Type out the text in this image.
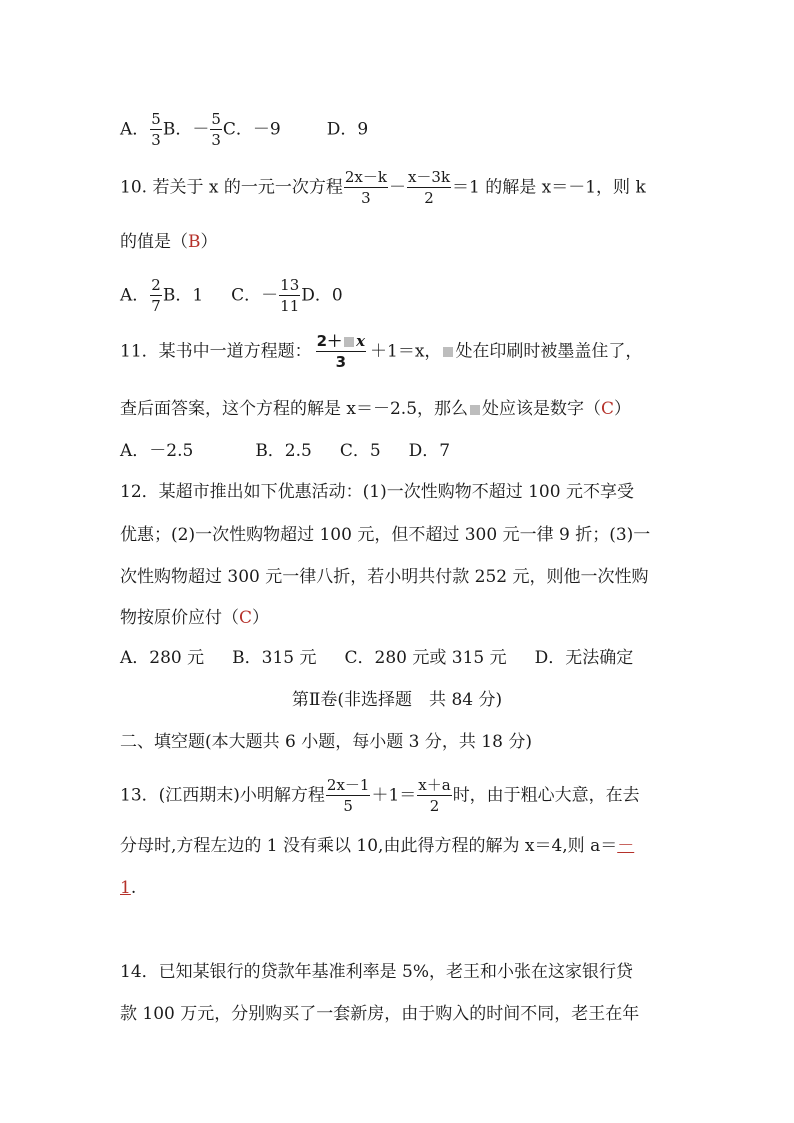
A． $\frac{5}{3}$ B．－ $\frac{5}{3}$ C．－9	D．9
10. 若关于 x 的一元一次方程 $\frac{2x-k}{3} - \frac{x-3k}{2} =1$ 的解是 x＝－1，则 k
的值是（B）
A． $\frac{2}{7}$ B．1 C．－ $\frac{13}{11}$ D．0
11．某书中一道方程题： $\frac{2+ x}{3} +1=x$， 处在印刷时被墨盖住了，
查后面答案，这个方程的解是 x＝－2.5，那么 处应该是数字（C）
A．－2.5	B．2.5 C．5 D．7
12．某超市推出如下优惠活动：(1)一次性购物不超过 100 元不享受
优惠；(2)一次性购物超过 100 元，但不超过 300 元一律 9 折；(3)一
次性购物超过 300 元一律八折，若小明共付款 252 元，则他一次性购
物按原价应付（C）
A．280 元 B．315 元 C．280 元或 315 元 D．无法确定
第Ⅱ卷(非选择题　共 84 分)
二、填空题(本大题共 6 小题，每小题 3 分，共 18 分)
13．(江西期末)小明解方程 $\frac{2x-1}{5} +1= \frac{x+a}{2}$ 时，由于粗心大意，在去
分母时,方程左边的 1 没有乘以 10,由此得方程的解为 x＝4,则 a＝－
1.
14．已知某银行的贷款年基准利率是 5%，老王和小张在这家银行贷
款 100 万元，分别购买了一套新房，由于购入的时间不同，老王在年
